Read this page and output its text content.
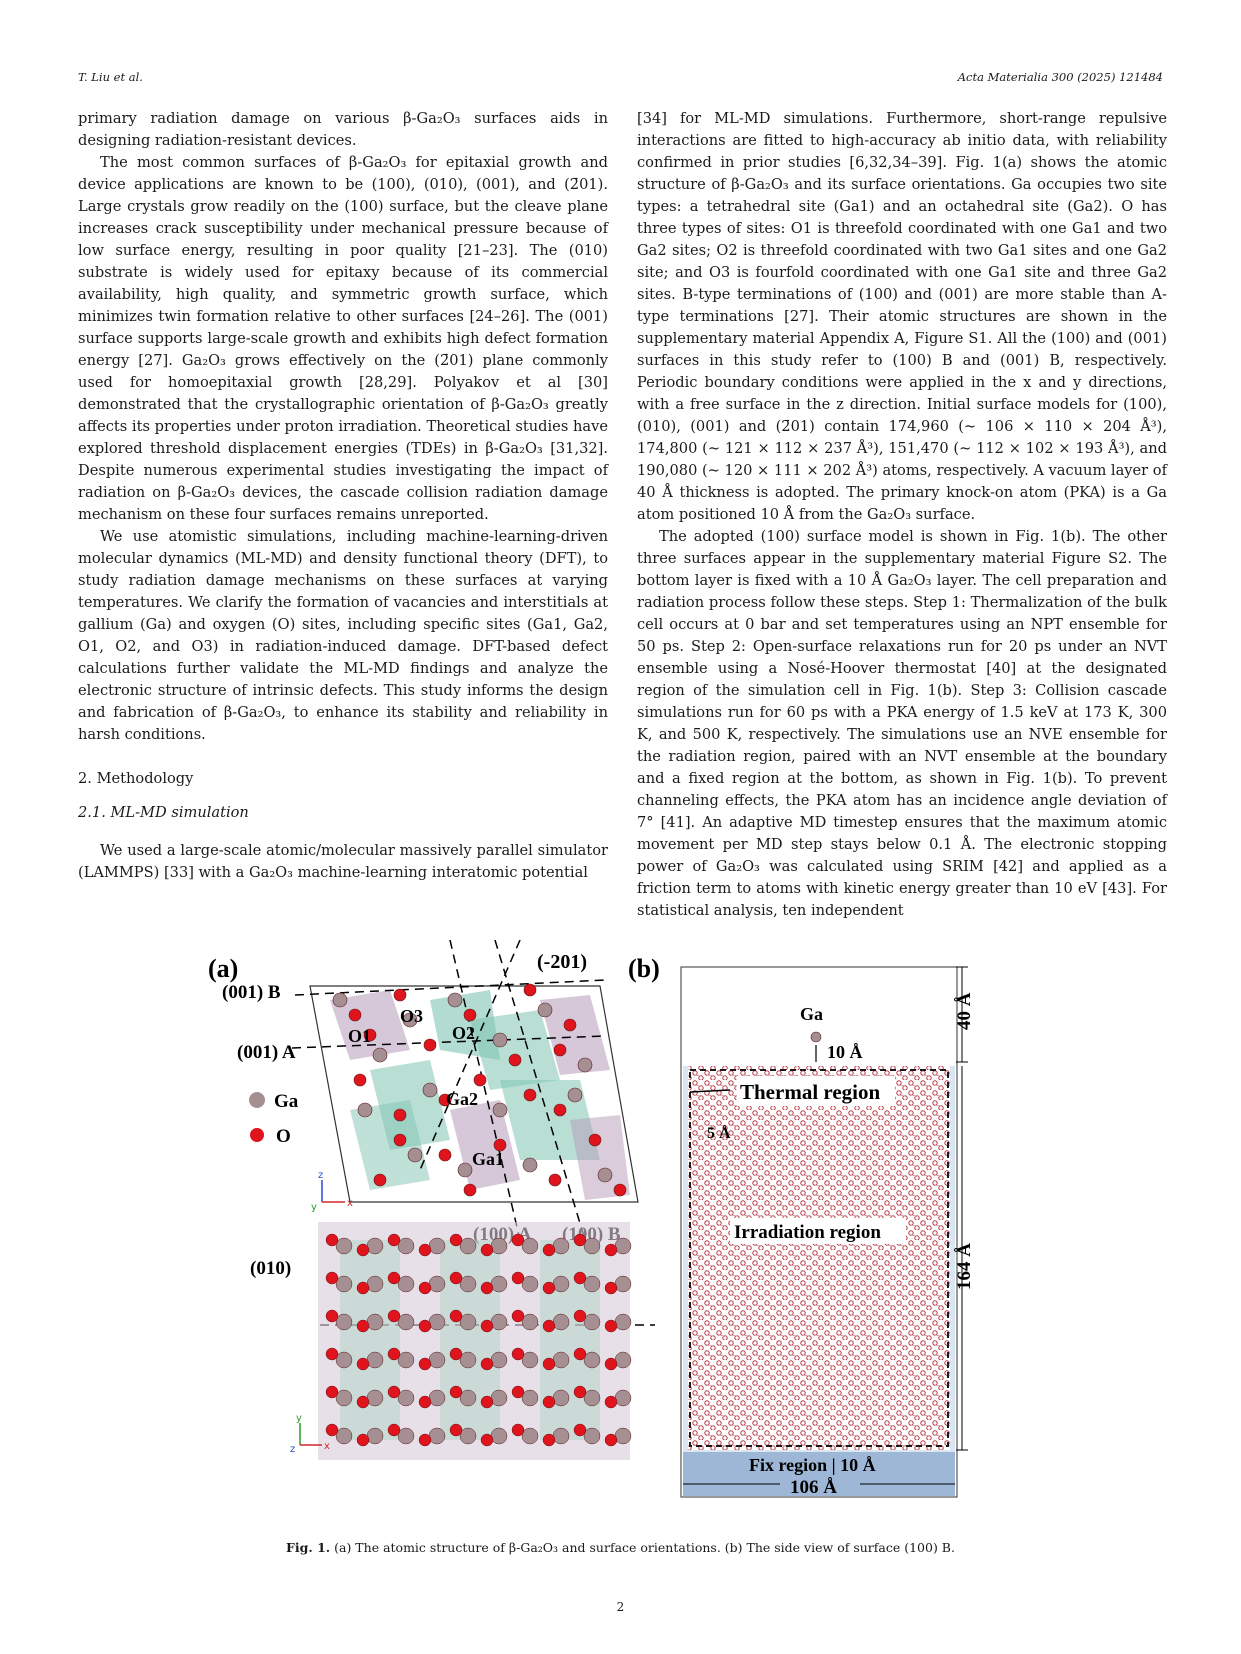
T. Liu et al.	Acta Materialia 300 (2025) 121484

primary radiation damage on various β-Ga₂O₃ surfaces aids in designing radiation-resistant devices.

The most common surfaces of β-Ga₂O₃ for epitaxial growth and device applications are known to be (100), (010), (001), and (2̄01). Large crystals grow readily on the (100) surface, but the cleave plane increases crack susceptibility under mechanical pressure because of low surface energy, resulting in poor quality [21–23]. The (010) substrate is widely used for epitaxy because of its commercial availability, high quality, and symmetric growth surface, which minimizes twin formation relative to other surfaces [24–26]. The (001) surface supports large-scale growth and exhibits high defect formation energy [27]. Ga₂O₃ grows effectively on the (2̄01) plane commonly used for homoepitaxial growth [28,29]. Polyakov et al [30] demonstrated that the crystallographic orientation of β-Ga₂O₃ greatly affects its properties under proton irradiation. Theoretical studies have explored threshold displacement energies (TDEs) in β-Ga₂O₃ [31,32]. Despite numerous experimental studies investigating the impact of radiation on β-Ga₂O₃ devices, the cascade collision radiation damage mechanism on these four surfaces remains unreported.

We use atomistic simulations, including machine-learning-driven molecular dynamics (ML-MD) and density functional theory (DFT), to study radiation damage mechanisms on these surfaces at varying temperatures. We clarify the formation of vacancies and interstitials at gallium (Ga) and oxygen (O) sites, including specific sites (Ga1, Ga2, O1, O2, and O3) in radiation-induced damage. DFT-based defect calculations further validate the ML-MD findings and analyze the electronic structure of intrinsic defects. This study informs the design and fabrication of β-Ga₂O₃, to enhance its stability and reliability in harsh conditions.

2. Methodology
2.1. ML-MD simulation

We used a large-scale atomic/molecular massively parallel simulator (LAMMPS) [33] with a Ga₂O₃ machine-learning interatomic potential

[34] for ML-MD simulations. Furthermore, short-range repulsive interactions are fitted to high-accuracy ab initio data, with reliability confirmed in prior studies [6,32,34–39]. Fig. 1(a) shows the atomic structure of β-Ga₂O₃ and its surface orientations. Ga occupies two site types: a tetrahedral site (Ga1) and an octahedral site (Ga2). O has three types of sites: O1 is threefold coordinated with one Ga1 and two Ga2 sites; O2 is threefold coordinated with two Ga1 sites and one Ga2 site; and O3 is fourfold coordinated with one Ga1 site and three Ga2 sites. B-type terminations of (100) and (001) are more stable than A-type terminations [27]. Their atomic structures are shown in the supplementary material Appendix A, Figure S1. All the (100) and (001) surfaces in this study refer to (100) B and (001) B, respectively. Periodic boundary conditions were applied in the x and y directions, with a free surface in the z direction. Initial surface models for (100), (010), (001) and (2̄01) contain 174,960 (~ 106 × 110 × 204 Å³), 174,800 (~ 121 × 112 × 237 Å³), 151,470 (~ 112 × 102 × 193 Å³), and 190,080 (~ 120 × 111 × 202 Å³) atoms, respectively. A vacuum layer of 40 Å thickness is adopted. The primary knock-on atom (PKA) is a Ga atom positioned 10 Å from the Ga₂O₃ surface.

The adopted (100) surface model is shown in Fig. 1(b). The other three surfaces appear in the supplementary material Figure S2. The bottom layer is fixed with a 10 Å Ga₂O₃ layer. The cell preparation and radiation process follow these steps. Step 1: Thermalization of the bulk cell occurs at 0 bar and set temperatures using an NPT ensemble for 50 ps. Step 2: Open-surface relaxations run for 20 ps under an NVT ensemble using a Nosé-Hoover thermostat [40] at the designated region of the simulation cell in Fig. 1(b). Step 3: Collision cascade simulations run for 60 ps with a PKA energy of 1.5 keV at 173 K, 300 K, and 500 K, respectively. The simulations use an NVE ensemble for the radiation region, paired with an NVT ensemble at the boundary and a fixed region at the bottom, as shown in Fig. 1(b). To prevent channeling effects, the PKA atom has an incidence angle deviation of 7° [41]. An adaptive MD timestep ensures that the maximum atomic movement per MD step stays below 0.1 Å. The electronic stopping power of Ga₂O₃ was calculated using SRIM [42] and applied as a friction term to atoms with kinetic energy greater than 10 eV [43]. For statistical analysis, ten independent

(a)	(-201)
(001) B
(001) A
O1
O3
O2
Ga2
Ga1
Ga
O
z
x
y
(010)
y
x
z
(b)
Ga
10 Å
40 Å
164 Å
Thermal region
5 Å
Irradiation region
Fix region | 10 Å
106 Å
Fig. 1. (a) The atomic structure of β-Ga₂O₃ and surface orientations. (b) The side view of surface (100) B.
2
